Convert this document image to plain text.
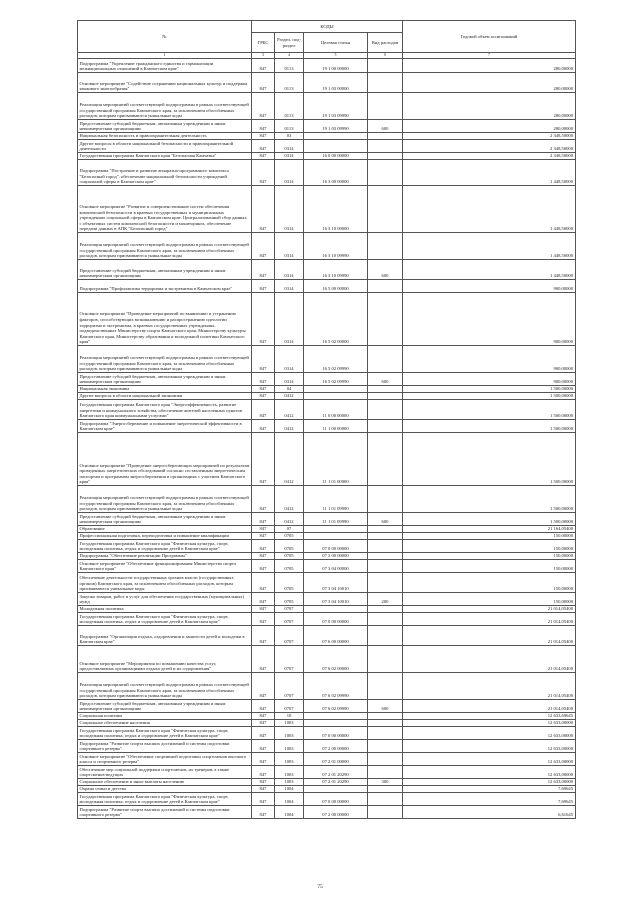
№	КОДЫ				Годовой объем ассигнований
	ГРБС	Раздел, под-раздел	Целевая статья	Вид расходов	
1	3	4	5	6	7
Подпрограмма "Укрепление гражданского единства и гармонизации межнациональных отношений в Камчатском крае"	847	0113	19 1 00 00000		280,00000
Основное мероприятие "Содействие сохранению национальных культур и поддержка языкового многообразия"	847	0113	19 1 03 00000		280,00000
Реализация мероприятий соответствующей подпрограммы в рамках соответствующей государственной программы Камчатского края, за исключением обособленных расходов, которым присваиваются уникальные коды	847	0113	19 1 03 09990		280,00000
Предоставление субсидий бюджетным, автономным учреждениям и иным некоммерческим организациям	847	0113	19 1 03 09990	600	280,00000
Национальная безопасность и правоохранительная деятельность	847	03			2 348,50000
Другие вопросы в области национальной безопасности и правоохранительной деятельности	847	0314			2 348,50000
Государственная программа Камчатского края "Безопасная Камчатка"	847	0314	16 0 00 00000		2 348,50000
Подпрограмма "Построение и развитие аппаратно-программного комплекса "Безопасный город", обеспечение национальной безопасности учреждений социальной сферы в Камчатском крае"	847	0314	16 3 00 00000		1 448,50000
Основное мероприятие "Развитие и совершенствование систем обеспечения комплексной безопасности в краевых государственных и муниципальных учреждениях социальной сферы в Камчатском крае. Централизованный сбор данных с объектовых систем комплексной безопасности и мониторинга, обеспечение передачи данных в АПК "Безопасный город"	847	0314	16 3 10 00000		1 448,50000
Реализация мероприятий соответствующей подпрограммы в рамках соответствующей государственной программы Камчатского края, за исключением обособленных расходов, которым присваиваются уникальные коды	847	0314	16 3 10 09990		1 448,50000
Предоставление субсидий бюджетным, автономным учреждениям и иным некоммерческим организациям	847	0314	16 3 10 09990	600	1 448,50000
Подпрограмма "Профилактика терроризма и экстремизма в Камчатском крае"	847	0314	16 5 00 00000		900,00000
Основное мероприятие "Проведение мероприятий по выявлению и устранению факторов, способствующих возникновению и распространению идеологии терроризма и экстремизма, в краевых государственных учреждениях, подведомственных Министерству спорта Камчатского края, Министерству культуры Камчатского края, Министерству образования и молодежной политики Камчатского края"	847	0314	16 5 02 00000		900,00000
Реализация мероприятий соответствующей подпрограммы в рамках соответствующей государственной программы Камчатского края, за исключением обособленных расходов, которым присваиваются уникальные коды	847	0314	16 5 02 09990		900,00000
Предоставление субсидий бюджетным, автономным учреждениям и иным некоммерческим организациям	847	0314	16 5 02 09990	600	900,00000
Национальная экономика	847	04			1 500,00000
Другие вопросы в области национальной экономики	847	0412			1 500,00000
Государственная программа Камчатского края "Энергоэффективность, развитие энергетики и коммунального хозяйства, обеспечение жителей населенных пунктов Камчатского края коммунальными услугами"	847	0412	11 0 00 00000		1 500,00000
Подпрограмма "Энергосбережение и повышение энергетической эффективности в Камчатском крае"	847	0412	11 1 00 00000		1 500,00000
Основное мероприятие "Проведение энергосберегающих мероприятий по результатам проведенных энергетических обследований согласно составленным энергетическим паспортам и программам энергосбережения в организациях с участием Камчатского края"	847	0412	11 1 01 00000		1 500,00000
Реализация мероприятий соответствующей подпрограммы в рамках соответствующей государственной программы Камчатского края, за исключением обособленных расходов, которым присваиваются уникальные коды	847	0412	11 1 01 09990		1 500,00000
Предоставление субсидий бюджетным, автономным учреждениям и иным некоммерческим организациям	847	0412	11 1 01 09990	600	1 500,00000
Образование	847	07			21 164,05400
Профессиональная подготовка, переподготовка и повышение квалификации	847	0705			150,00000
Государственная программа Камчатского края "Физическая культура, спорт, молодежная политика, отдых и оздоровление детей в Камчатском крае"	847	0705	07 0 00 00000		150,00000
Подпрограмма "Обеспечение реализации Программы"	847	0705	07 3 00 00000		150,00000
Основное мероприятие "Обеспечение функционирования Министерства спорта Камчатского края"	847	0705	07 3 04 00000		150,00000
Обеспечение деятельности государственных органов власти (государственных органов) Камчатского края, за исключением обособленных расходов, которым присваиваются уникальные коды	847	0705	07 3 04 10010		150,00000
Закупка товаров, работ и услуг для обеспечения государственных (муниципальных) нужд	847	0705	07 3 04 10010	200	150,00000
Молодежная политика	847	0707			21 014,05400
Государственная программа Камчатского края "Физическая культура, спорт, молодежная политика, отдых и оздоровление детей в Камчатском крае"	847	0707	07 0 00 00000		21 014,05400
Подпрограмма "Организация отдыха, оздоровления и занятости детей и молодежи в Камчатском крае"	847	0707	07 6 00 00000		21 014,05400
Основное мероприятие "Мероприятия по повышению качества услуг, предоставляемых организациями отдыха детей и их оздоровления"	847	0707	07 6 02 00000		21 014,05400
Реализация мероприятий соответствующей подпрограммы в рамках соответствующей государственной программы Камчатского края, за исключением обособленных расходов, которым присваиваются уникальные коды	847	0707	07 6 02 09990		21 014,05400
Предоставление субсидий бюджетным, автономным учреждениям и иным некоммерческим организациям	847	0707	07 6 02 09990	600	21 014,05400
Социальная политика	847	10			12 633,69645
Социальное обеспечение населения	847	1003			12 633,00000
Государственная программа Камчатского края "Физическая культура, спорт, молодежная политика, отдых и оздоровление детей в Камчатском крае"	847	1003	07 0 00 00000		12 633,00000
Подпрограмма "Развитие спорта высших достижений и системы подготовки спортивного резерва"	847	1003	07 2 00 00000		12 633,00000
Основное мероприятие "Обеспечение спортивной подготовки спортсменов высокого класса и спортивного резерва"	847	1003	07 2 01 00000		12 633,00000
Обеспечение мер социальной поддержки спортсменов, их тренеров, а также спортсменов-ведущих	847	1003	07 2 01 20290		12 633,00000
Социальное обеспечение и иные выплаты населению	847	1003	07 2 01 20290	300	12 633,00000
Охрана семьи и детства	847	1004			7,69645
Государственная программа Камчатского края "Физическая культура, спорт, молодежная политика, отдых и оздоровление детей в Камчатском крае"	847	1004	07 0 00 00000		7,69645
Подпрограмма "Развитие спорта высших достижений и системы подготовки спортивного резерва"	847	1004	07 2 00 00000		6,61645
75
